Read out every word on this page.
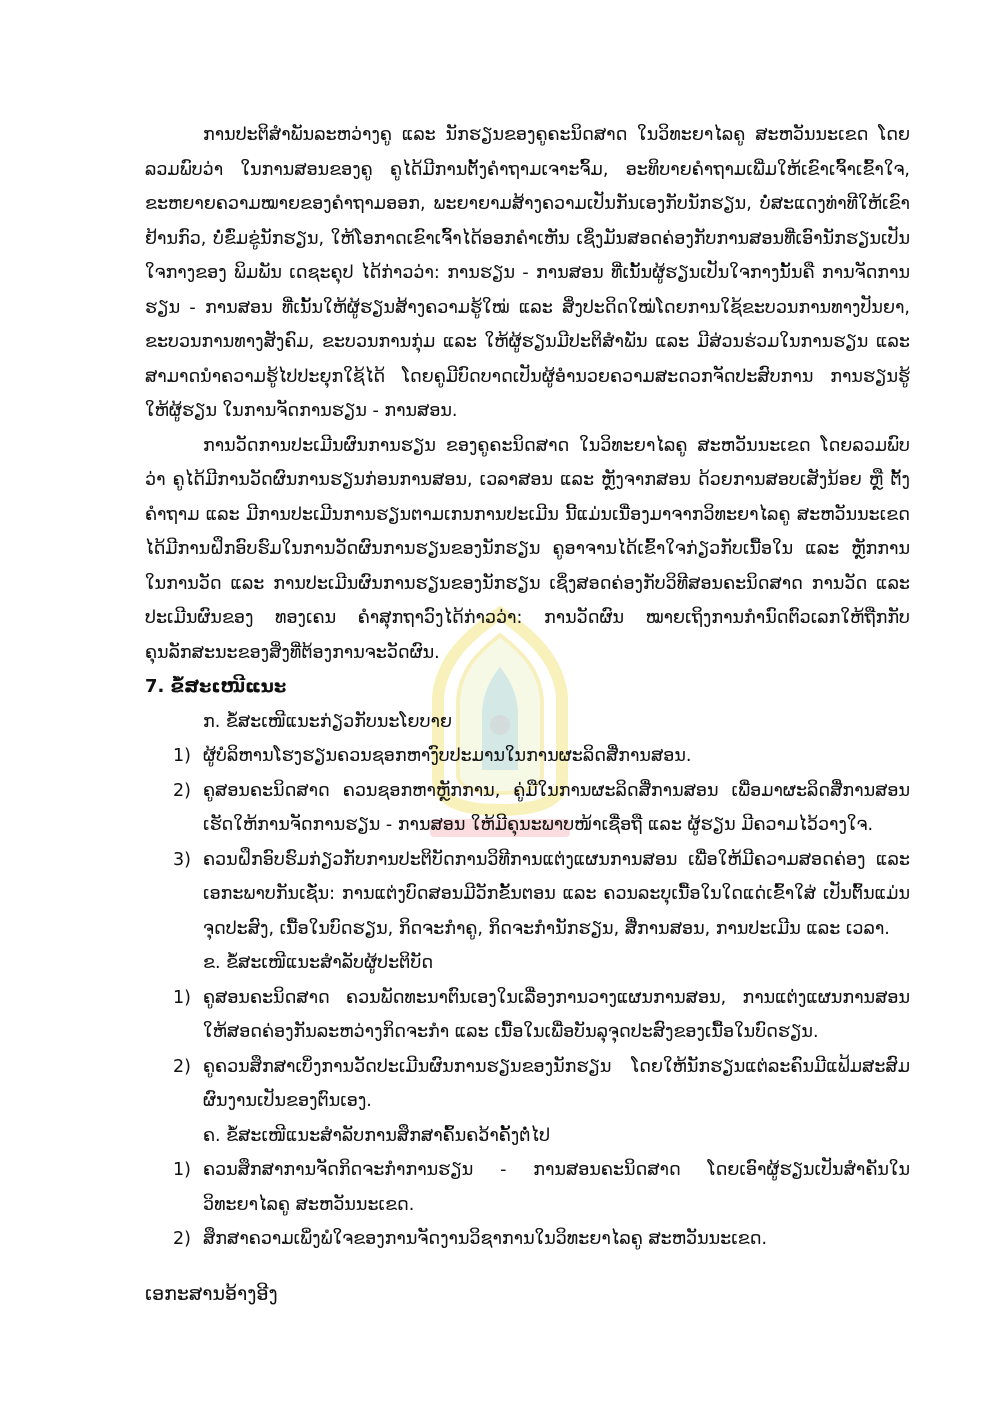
ການປະຕິສຳພັນລະຫວ່າງຄູ ແລະ ນັກຮຽນຂອງຄູຄະນິດສາດ ໃນວິທະຍາໄລຄູ ສະຫວັນນະເຂດ ໂດຍລວມພົບວ່າ ໃນການສອນຂອງຄູ ຄູໄດ້ມີການຕັ້ງຄຳຖາມເຈາະຈົ້ມ, ອະທິບາຍຄຳຖາມເພີ່ມໃຫ້ເຂົາເຈົ້າເຂົ້າໃຈ, ຂະຫຍາຍຄວາມໝາຍຂອງຄຳຖາມອອກ, ພະຍາຍາມສ້າງຄວາມເປັນກັນເອງກັບນັກຮຽນ, ບໍ່ສະແດງທ່າທີໃຫ້ເຂົາຢ້ານກົວ, ບໍ່ຂົ່ມຂູ່ນັກຮຽນ, ໃຫ້ໂອກາດເຂົາເຈົ້າໄດ້ອອກຄຳເຫັນ ເຊິ່ງມັນສອດຄ່ອງກັບການສອນທີ່ເອົານັກຮຽນເປັນໃຈກາງຂອງ ພິມພັນ ເດຊະຄຸປ ໄດ້ກ່າວວ່າ: ການຮຽນ - ການສອນ ທີ່ເນັ້ນຜູ້ຮຽນເປັນໃຈກາງນັ້ນຄື ການຈັດການຮຽນ - ການສອນ ທີ່ເນັ້ນໃຫ້ຜູ້ຮຽນສ້າງຄວາມຮູ້ໃໝ່ ແລະ ສິ່ງປະດິດໃໝ່ໂດຍການໃຊ້ຂະບວນການທາງປັນຍາ, ຂະບວນການທາງສັງຄົມ, ຂະບວນການກຸ່ມ ແລະ ໃຫ້ຜູ້ຮຽນມີປະຕິສຳພັນ ແລະ ມີສ່ວນຮ່ວມໃນການຮຽນ ແລະ ສາມາດນຳຄວາມຮູ້ໄປປະຍຸກໃຊ້ໄດ້ ໂດຍຄູມີບົດບາດເປັນຜູ້ອຳນວຍຄວາມສະດວກຈັດປະສົບການ ການຮຽນຮູ້ໃຫ້ຜູ້ຮຽນ ໃນການຈັດການຮຽນ - ການສອນ.

ການວັດການປະເມີນຜົນການຮຽນ ຂອງຄູຄະນິດສາດ ໃນວິທະຍາໄລຄູ ສະຫວັນນະເຂດ ໂດຍລວມພົບວ່າ ຄູໄດ້ມີການວັດຜົນການຮຽນກ່ອນການສອນ, ເວລາສອນ ແລະ ຫຼັງຈາກສອນ ດ້ວຍການສອບເສັງນ້ອຍ ຫຼື ຕັ້ງຄຳຖາມ ແລະ ມີການປະເມີນການຮຽນຕາມເກນການປະເມີນ ນີ້ແມ່ນເນື່ອງມາຈາກວິທະຍາໄລຄູ ສະຫວັນນະເຂດ ໄດ້ມີການຝຶກອົບຮົມໃນການວັດຜົນການຮຽນຂອງນັກຮຽນ ຄູອາຈານໄດ້ເຂົ້າໃຈກ່ຽວກັບເນື້ອໃນ ແລະ ຫຼັກການໃນການວັດ ແລະ ການປະເມີນຜົນການຮຽນຂອງນັກຮຽນ ເຊິ່ງສອດຄ່ອງກັບວິທີສອນຄະນິດສາດ ການວັດ ແລະ ປະເມີນຜົນຂອງ ທອງເຄນ ຄຳສຸກຖາວົງໄດ້ກ່າວວ່າ: ການວັດຜົນ ໝາຍເຖິງການກຳນົດຕົວເລກໃຫ້ຖືກກັບຄຸນລັກສະນະຂອງສິ່ງທີ່ຕ້ອງການຈະວັດຜົນ.

7. ຂໍ້ສະເໜີແນະ

ກ. ຂໍ້ສະເໜີແນະກ່ຽວກັບນະໂຍບາຍ

1) ຜູ້ບໍລິຫານໂຮງຮຽນຄວນຊອກຫາງົບປະມານໃນການຜະລິດສື່ການສອນ.

2) ຄູສອນຄະນິດສາດ ຄວນຊອກຫາຫຼັກການ, ຄູ່ມືໃນການຜະລິດສື່ການສອນ ເພື່ອມາຜະລິດສື່ການສອນ ເຮັດໃຫ້ການຈັດການຮຽນ - ການສອນ ໃຫ້ມີຄຸນະພາບໜ້າເຊື່ອຖື ແລະ ຜູ້ຮຽນ ມີຄວາມໄວ້ວາງໃຈ.

3) ຄວນຝຶກອົບຮົມກ່ຽວກັບການປະຕິບັດການວິທີການແຕ່ງແຜນການສອນ ເພື່ອໃຫ້ມີຄວາມສອດຄ່ອງ ແລະ ເອກະພາບກັນເຊັ່ນ: ການແຕ່ງບົດສອນມີວັກຂັ້ນຕອນ ແລະ ຄວນລະບຸເນື້ອໃນໃດແດ່ເຂົ້າໃສ່ ເປັນຕົ້ນແມ່ນ ຈຸດປະສົງ, ເນື້ອໃນບົດຮຽນ, ກິດຈະກຳຄູ, ກິດຈະກຳນັກຮຽນ, ສື່ການສອນ, ການປະເມີນ ແລະ ເວລາ.

ຂ. ຂໍ້ສະເໜີແນະສຳລັບຜູ້ປະຕິບັດ

1) ຄູສອນຄະນິດສາດ ຄວນພັດທະນາຕົນເອງໃນເລື່ອງການວາງແຜນການສອນ, ການແຕ່ງແຜນການສອນໃຫ້ສອດຄ່ອງກັນລະຫວ່າງກິດຈະກຳ ແລະ ເນື້ອໃນເພື່ອບັນລຸຈຸດປະສົງຂອງເນື້ອໃນບົດຮຽນ.

2) ຄູຄວນສຶກສາເບິ່ງການວັດປະເມີນຜົນການຮຽນຂອງນັກຮຽນ ໂດຍໃຫ້ນັກຮຽນແຕ່ລະຄົນມີແຟ້ມສະສົມຜົນງານເປັນຂອງຕົນເອງ.

ຄ. ຂໍ້ສະເໜີແນະສຳລັບການສຶກສາຄົ້ນຄວ້າຄັ້ງຕໍ່ໄປ

1) ຄວນສຶກສາການຈັດກິດຈະກຳການຮຽນ - ການສອນຄະນິດສາດ ໂດຍເອົາຜູ້ຮຽນເປັນສຳຄັນໃນວິທະຍາໄລຄູ ສະຫວັນນະເຂດ.

2) ສຶກສາຄວາມເພິ່ງພໍໃຈຂອງການຈັດງານວິຊາການໃນວິທະຍາໄລຄູ ສະຫວັນນະເຂດ.

ເອກະສານອ້າງອີງ
